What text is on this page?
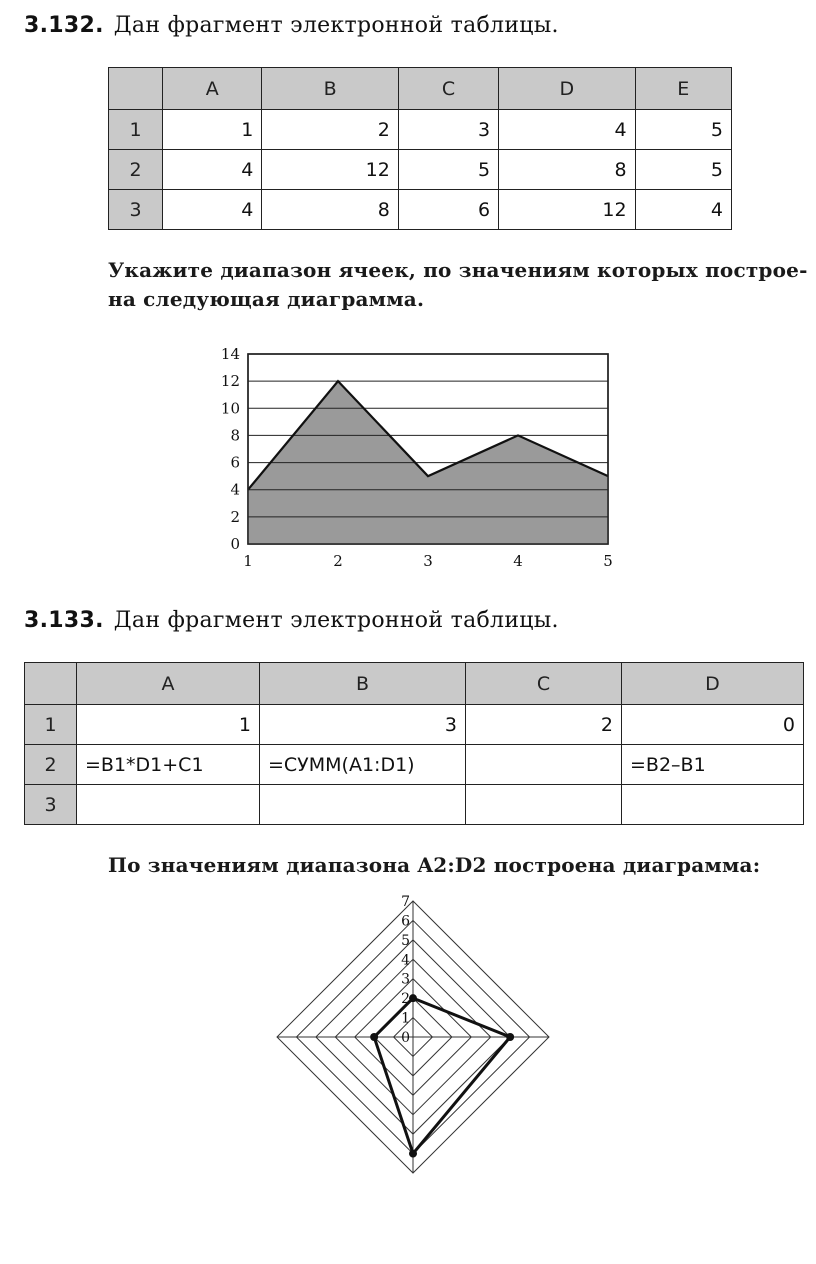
3.132. Дан фрагмент электронной таблицы.
	A	B	C	D	E
1	1	2	3	4	5
2	4	12	5	8	5
3	4	8	6	12	4
Укажите диапазон ячеек, по значениям которых построе-
на следующая диаграмма.
0
2
4
6
8
10
12
14
1	2	3	4	5
3.133. Дан фрагмент электронной таблицы.
	A	B	C	D
1	1	3	2	0
2	=B1*D1+C1	=СУММ(A1:D1)		=B2–B1
3				
По значениям диапазона A2:D2 построена диаграмма:
0
1
2
3
4
5
6
7
